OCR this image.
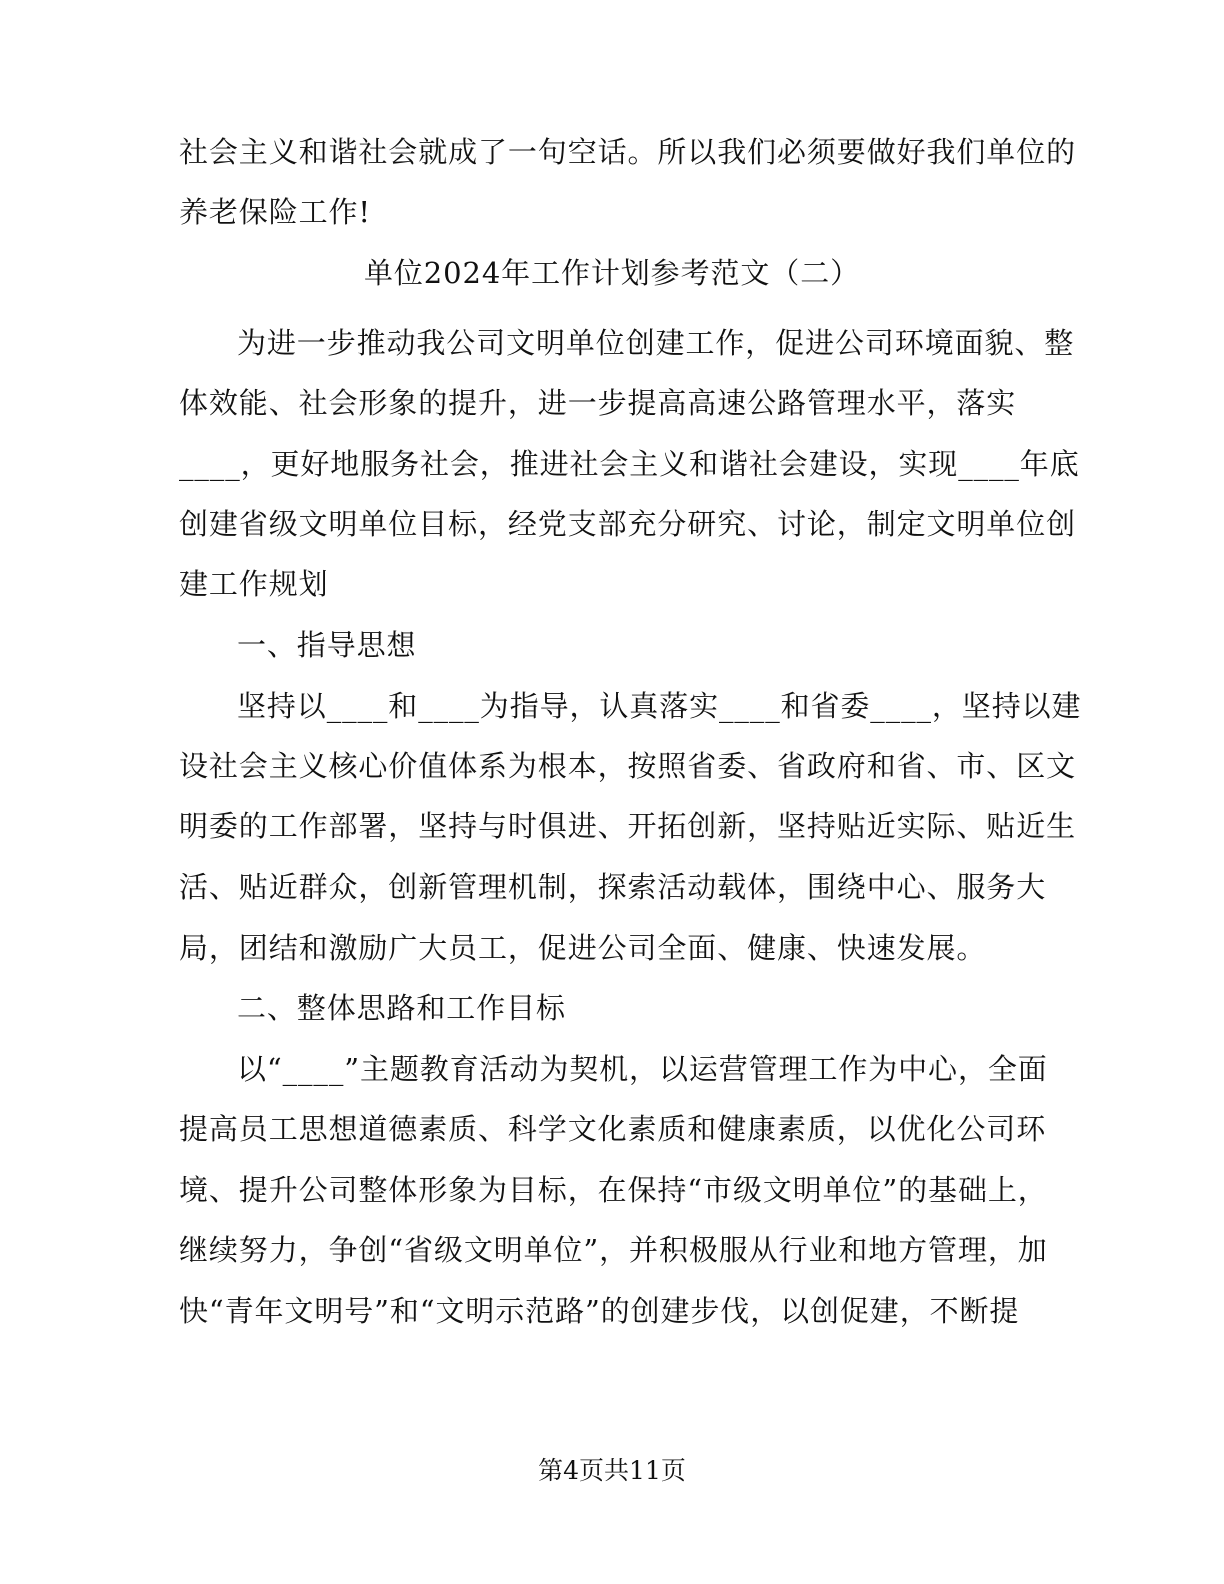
社会主义和谐社会就成了一句空话。所以我们必须要做好我们单位的
养老保险工作!
单位2024年工作计划参考范文（二）
为进一步推动我公司文明单位创建工作，促进公司环境面貌、整
体效能、社会形象的提升，进一步提高高速公路管理水平，落实
____，更好地服务社会，推进社会主义和谐社会建设，实现____年底
创建省级文明单位目标，经党支部充分研究、讨论，制定文明单位创
建工作规划
一、指导思想
坚持以____和____为指导，认真落实____和省委____，坚持以建
设社会主义核心价值体系为根本，按照省委、省政府和省、市、区文
明委的工作部署，坚持与时俱进、开拓创新，坚持贴近实际、贴近生
活、贴近群众，创新管理机制，探索活动载体，围绕中心、服务大
局，团结和激励广大员工，促进公司全面、健康、快速发展。
二、整体思路和工作目标
以“____”主题教育活动为契机，以运营管理工作为中心，全面
提高员工思想道德素质、科学文化素质和健康素质，以优化公司环
境、提升公司整体形象为目标，在保持“市级文明单位”的基础上，
继续努力，争创“省级文明单位”，并积极服从行业和地方管理，加
快“青年文明号”和“文明示范路”的创建步伐，以创促建，不断提
第4页共11页
